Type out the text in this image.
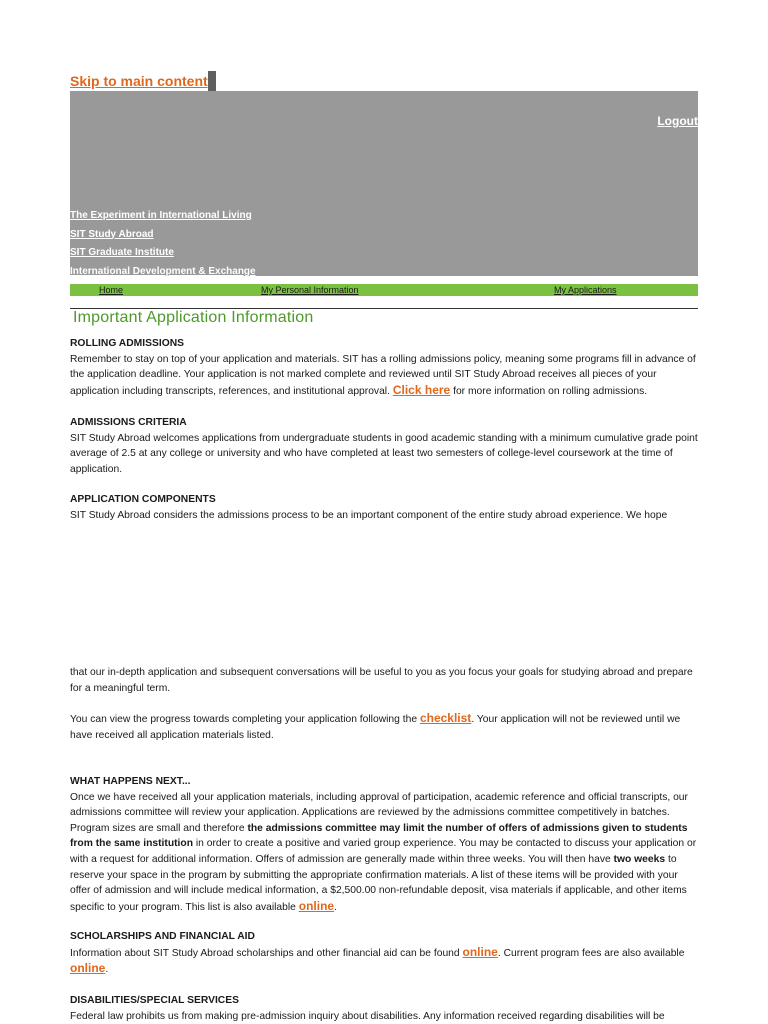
Skip to main content
Logout
The Experiment in International Living
SIT Study Abroad
SIT Graduate Institute
International Development & Exchange
Home	My Personal Information	My Applications
Important Application Information
ROLLING ADMISSIONS

Remember to stay on top of your application and materials. SIT has a rolling admissions policy, meaning some programs fill in advance of the application deadline. Your application is not marked complete and reviewed until SIT Study Abroad receives all pieces of your application including transcripts, references, and institutional approval. Click here for more information on rolling admissions.

ADMISSIONS CRITERIA

SIT Study Abroad welcomes applications from undergraduate students in good academic standing with a minimum cumulative grade point average of 2.5 at any college or university and who have completed at least two semesters of college-level coursework at the time of application.

APPLICATION COMPONENTS

SIT Study Abroad considers the admissions process to be an important component of the entire study abroad experience. We hope

that our in-depth application and subsequent conversations will be useful to you as you focus your goals for studying abroad and prepare for a meaningful term.

You can view the progress towards completing your application following the checklist. Your application will not be reviewed until we have received all application materials listed.

WHAT HAPPENS NEXT...

Once we have received all your application materials, including approval of participation, academic reference and official transcripts, our admissions committee will review your application. Applications are reviewed by the admissions committee competitively in batches. Program sizes are small and therefore the admissions committee may limit the number of offers of admissions given to students from the same institution in order to create a positive and varied group experience. You may be contacted to discuss your application or with a request for additional information. Offers of admission are generally made within three weeks. You will then have two weeks to reserve your space in the program by submitting the appropriate confirmation materials. A list of these items will be provided with your offer of admission and will include medical information, a $2,500.00 non-refundable deposit, visa materials if applicable, and other items specific to your program. This list is also available online.

SCHOLARSHIPS AND FINANCIAL AID

Information about SIT Study Abroad scholarships and other financial aid can be found online. Current program fees are also available online.

DISABILITIES/SPECIAL SERVICES

Federal law prohibits us from making pre-admission inquiry about disabilities. Any information received regarding disabilities will be
